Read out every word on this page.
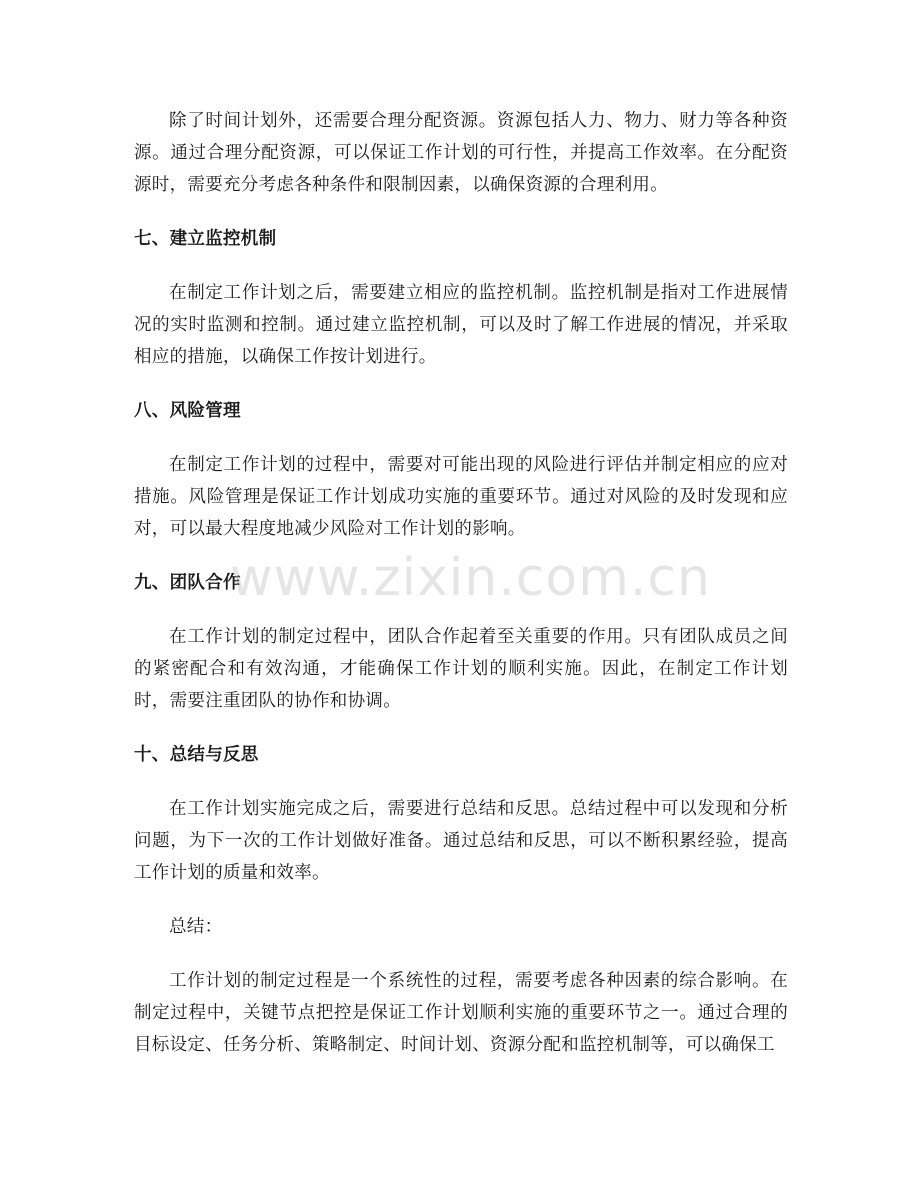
除了时间计划外，还需要合理分配资源。资源包括人力、物力、财力等各种资源。通过合理分配资源，可以保证工作计划的可行性，并提高工作效率。在分配资源时，需要充分考虑各种条件和限制因素，以确保资源的合理利用。

七、建立监控机制

在制定工作计划之后，需要建立相应的监控机制。监控机制是指对工作进展情况的实时监测和控制。通过建立监控机制，可以及时了解工作进展的情况，并采取相应的措施，以确保工作按计划进行。

八、风险管理

在制定工作计划的过程中，需要对可能出现的风险进行评估并制定相应的应对措施。风险管理是保证工作计划成功实施的重要环节。通过对风险的及时发现和应对，可以最大程度地减少风险对工作计划的影响。

九、团队合作

在工作计划的制定过程中，团队合作起着至关重要的作用。只有团队成员之间的紧密配合和有效沟通，才能确保工作计划的顺利实施。因此，在制定工作计划时，需要注重团队的协作和协调。

十、总结与反思

在工作计划实施完成之后，需要进行总结和反思。总结过程中可以发现和分析问题，为下一次的工作计划做好准备。通过总结和反思，可以不断积累经验，提高工作计划的质量和效率。

总结：

工作计划的制定过程是一个系统性的过程，需要考虑各种因素的综合影响。在制定过程中，关键节点把控是保证工作计划顺利实施的重要环节之一。通过合理的目标设定、任务分析、策略制定、时间计划、资源分配和监控机制等，可以确保工

www.zixin.com.cn
